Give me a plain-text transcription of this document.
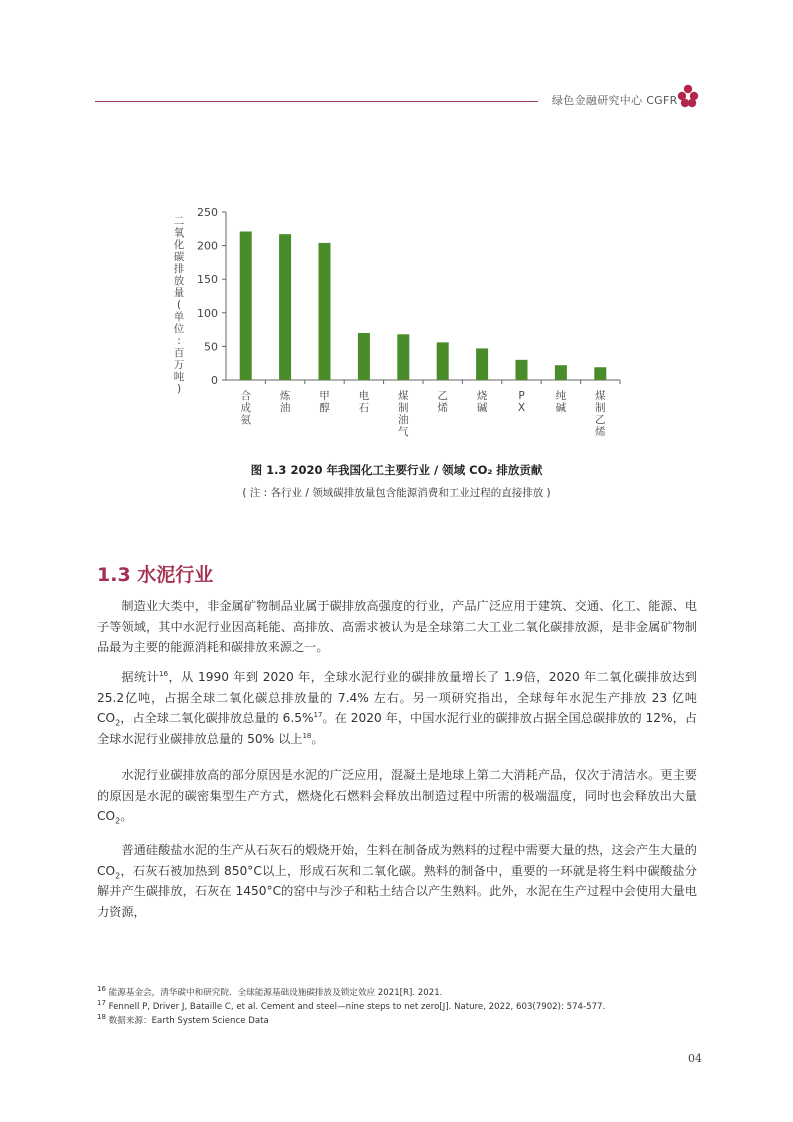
绿色金融研究中心 CGFR
0
50
100
150
200
250
二
氧
化
碳
排
放
量
(
单
位
:
百
万
吨
)
合
成
氨
炼
油
甲
醇
电
石
煤
制
油
气
乙
烯
烧
碱
P
X
纯
碱
煤
制
乙
烯
图 1.3 2020 年我国化工主要行业 / 领域 CO₂ 排放贡献
( 注 : 各行业 / 领域碳排放量包含能源消费和工业过程的直接排放 )
1.3 水泥行业

制造业大类中，非金属矿物制品业属于碳排放高强度的行业，产品广泛应用于建筑、交通、化工、能源、电子等领域，其中水泥行业因高耗能、高排放、高需求被认为是全球第二大工业二氧化碳排放源，是非金属矿物制品最为主要的能源消耗和碳排放来源之一。

据统计$^{16}$，从 1990 年到 2020 年，全球水泥行业的碳排放量增长了 1.9倍，2020 年二氧化碳排放达到 25.2亿吨，占据全球二氧化碳总排放量的 7.4% 左右。另一项研究指出，全球每年水泥生产排放 23 亿吨 $CO_2$，占全球二氧化碳排放总量的 6.5%$^{17}$。在 2020 年，中国水泥行业的碳排放占据全国总碳排放的 12%，占全球水泥行业碳排放总量的 50% 以上$^{18}$。

水泥行业碳排放高的部分原因是水泥的广泛应用，混凝土是地球上第二大消耗产品，仅次于清洁水。更主要的原因是水泥的碳密集型生产方式，燃烧化石燃料会释放出制造过程中所需的极端温度，同时也会释放出大量 $CO_2$。

普通硅酸盐水泥的生产从石灰石的煅烧开始，生料在制备成为熟料的过程中需要大量的热，这会产生大量的 $CO_2$，石灰石被加热到 850°C以上，形成石灰和二氧化碳。熟料的制备中，重要的一环就是将生料中碳酸盐分解并产生碳排放，石灰在 1450°C的窑中与沙子和粘土结合以产生熟料。此外，水泥在生产过程中会使用大量电力资源，

$^{16}$ 能源基金会，清华碳中和研究院．全球能源基础设施碳排放及锁定效应 2021[R]. 2021.
$^{17}$ Fennell P, Driver J, Bataille C, et al. Cement and steel—nine steps to net zero[J]. Nature, 2022, 603(7902): 574-577.
$^{18}$ 数据来源：Earth System Science Data
04
